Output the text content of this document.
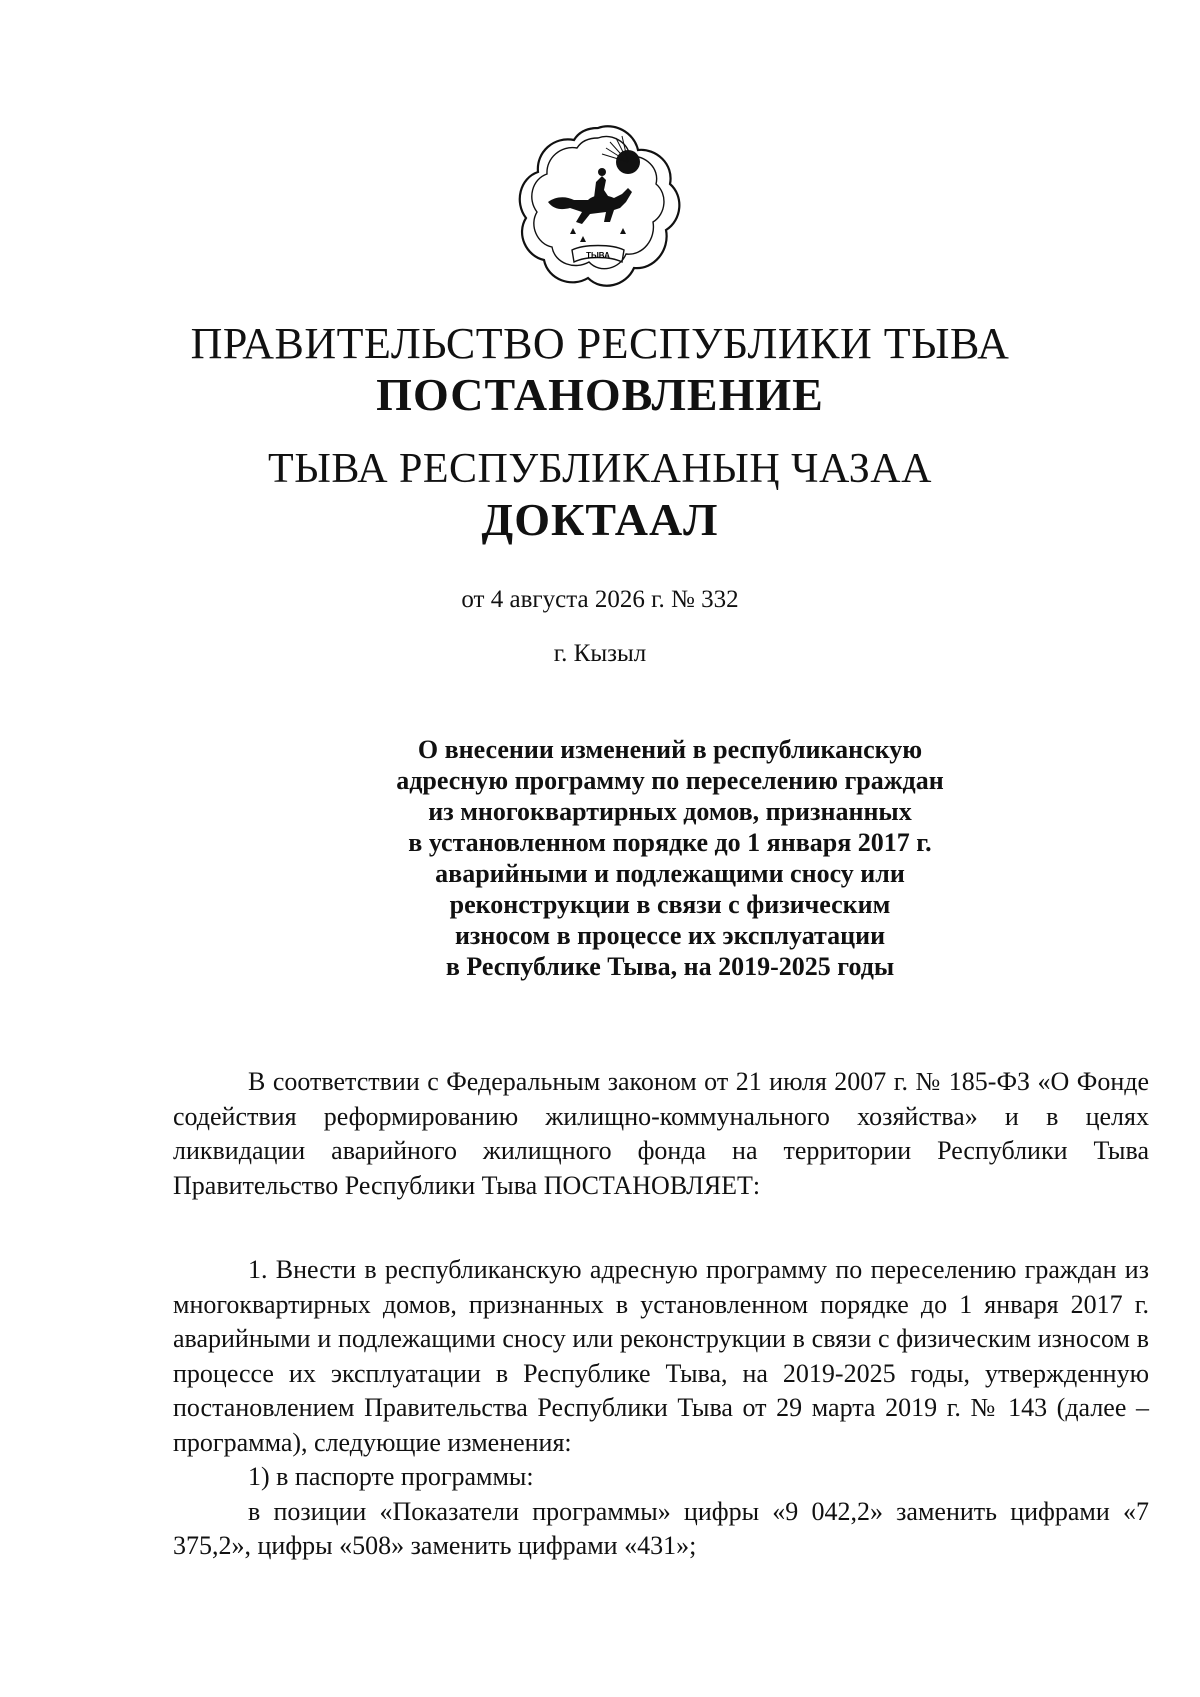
ТЫВА
ПРАВИТЕЛЬСТВО РЕСПУБЛИКИ ТЫВА
ПОСТАНОВЛЕНИЕ
ТЫВА РЕСПУБЛИКАНЫҢ ЧАЗАА
ДОКТААЛ
от 4 августа 2026 г. № 332
г. Кызыл
О внесении изменений в республиканскую
адресную программу по переселению граждан
из многоквартирных домов, признанных
в установленном порядке до 1 января 2017 г.
аварийными и подлежащими сносу или
реконструкции в связи с физическим
износом в процессе их эксплуатации
в Республике Тыва, на 2019-2025 годы

В соответствии с Федеральным законом от 21 июля 2007 г. № 185-ФЗ «О Фонде содействия реформированию жилищно-коммунального хозяйства» и в целях ликвидации аварийного жилищного фонда на территории Республики Тыва Правительство Республики Тыва ПОСТАНОВЛЯЕТ:

1. Внести в республиканскую адресную программу по переселению граждан из многоквартирных домов, признанных в установленном порядке до 1 января 2017 г. аварийными и подлежащими сносу или реконструкции в связи с физическим износом в процессе их эксплуатации в Республике Тыва, на 2019-2025 годы, утвержденную постановлением Правительства Республики Тыва от 29 марта 2019 г. № 143 (далее – программа), следующие изменения:

1) в паспорте программы:

в позиции «Показатели программы» цифры «9 042,2» заменить цифрами «7 375,2», цифры «508» заменить цифрами «431»;
